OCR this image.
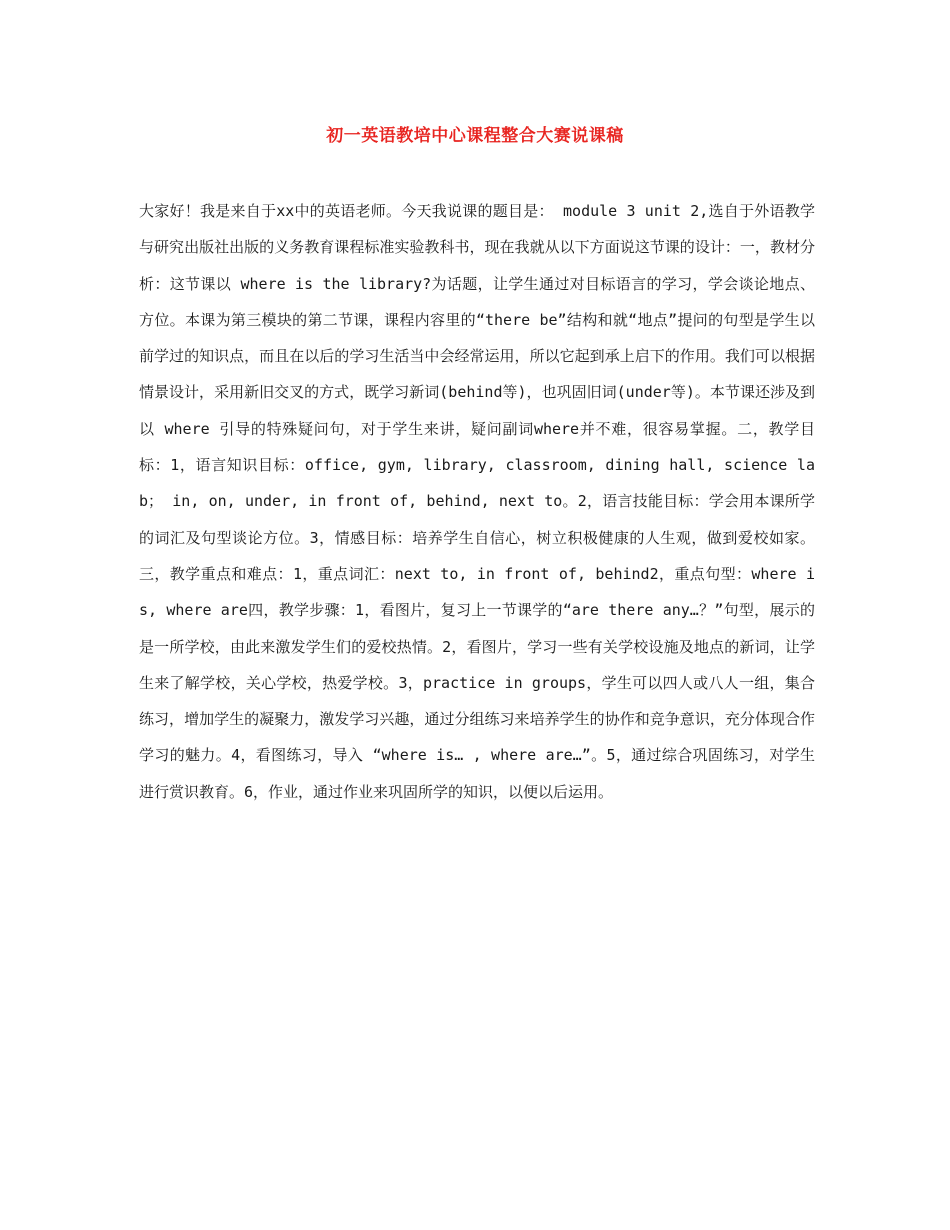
初一英语教培中心课程整合大赛说课稿

大家好！我是来自于xx中的英语老师。今天我说课的题目是： module 3 unit 2,选自于外语教学与研究出版社出版的义务教育课程标准实验教科书，现在我就从以下方面说这节课的设计：一，教材分析：这节课以 where is the library?为话题，让学生通过对目标语言的学习，学会谈论地点、方位。本课为第三模块的第二节课，课程内容里的“there be”结构和就“地点”提问的句型是学生以前学过的知识点，而且在以后的学习生活当中会经常运用，所以它起到承上启下的作用。我们可以根据情景设计，采用新旧交叉的方式，既学习新词(behind等)，也巩固旧词(under等)。本节课还涉及到以 where 引导的特殊疑问句，对于学生来讲，疑问副词where并不难，很容易掌握。二，教学目标：1，语言知识目标：office, gym, library, classroom, dining hall, science lab； in, on, under, in front of, behind, next to。2，语言技能目标：学会用本课所学的词汇及句型谈论方位。3，情感目标：培养学生自信心，树立积极健康的人生观，做到爱校如家。三，教学重点和难点：1，重点词汇：next to, in front of, behind2，重点句型：where is, where are四，教学步骤：1，看图片，复习上一节课学的“are there any…？”句型，展示的是一所学校，由此来激发学生们的爱校热情。2，看图片，学习一些有关学校设施及地点的新词，让学生来了解学校，关心学校，热爱学校。3，practice in groups，学生可以四人或八人一组，集合练习，增加学生的凝聚力，激发学习兴趣，通过分组练习来培养学生的协作和竞争意识，充分体现合作学习的魅力。4，看图练习，导入 “where is… , where are…”。5，通过综合巩固练习，对学生进行赏识教育。6，作业，通过作业来巩固所学的知识，以便以后运用。
